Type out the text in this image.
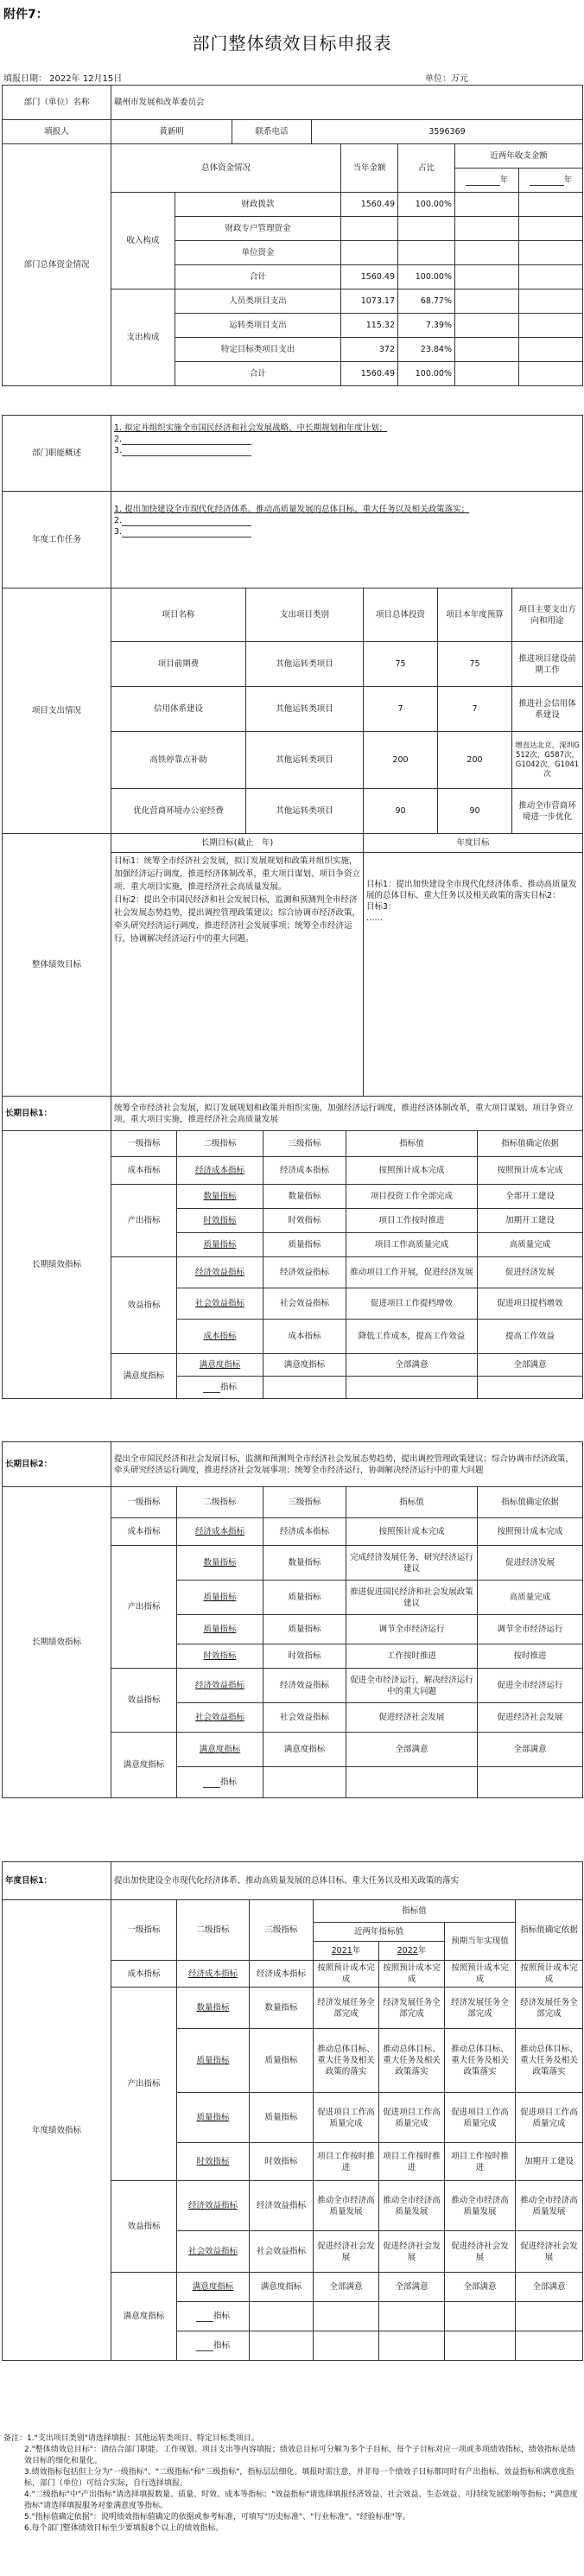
附件7：
部门整体绩效目标申报表
填报日期： 2022年 12月15日	单位：万元
部门（单位）名称	赣州市发展和改革委员会		
填报人	黄新明	联系电话	3596369
部门总体资金情况	总体资金情况		当年金额	占比	近两年收支金额	
					年	年
	收入构成	财政拨款	1560.49	100.00%		
		财政专户管理资金				
		单位资金				
		合计	1560.49	100.00%		
	支出构成	人员类项目支出	1073.17	68.77%		
		运转类项目支出	115.32	7.39%		
		特定目标类项目支出	372	23.84%		
		合计	1560.49	100.00%		
部门职能概述	1. 拟定并组织实施全市国民经济和社会发展战略、中长期规划和年度计划；
2.
3.

年度工作任务	1. 提出加快建设全市现代化经济体系、推动高质量发展的总体目标、重大任务以及相关政策落实；
2.
3.
项目支出情况	项目名称	支出项目类别	项目总体投资	项目本年度预算	项目主要支出方向和用途
	项目前期费	其他运转类项目	75	75	推进项目建设前期工作
	信用体系建设	其他运转类项目	7	7	推进社会信用体系建设
	高铁停靠点补助	其他运转类项目	200	200	增直达北京，深圳G512次，G587次，G1042次，G1041次
	优化营商环境办公室经费	其他运转类项目	90	90	推动全市营商环境进一步优化
整体绩效目标	长期目标(截止　年)	年度目标
	目标1：统筹全市经济社会发展，拟订发展规划和政策并组织实施，加强经济运行调度，推进经济体制改革，重大项目谋划、项目争资立项、重大项目实施，推进经济社会高质量发展。
目标2：提出全市国民经济和社会发展目标，监测和预测判全市经济社会发展态势趋势，提出调控管理政策建议；综合协调市经济政策，牵头研究经济运行调度，推进经济社会发展事项；统筹全市经济运行，协调解决经济运行中的重大问题。	目标1：提出加快建设全市现代化经济体系、推动高质量发展的总体目标、重大任务以及相关政策的落实目标2：
目标3：
……
长期目标1：	统筹全市经济社会发展，拟订发展规划和政策并组织实施，加强经济运行调度，推进经济体制改革，重大项目谋划、项目争资立项、重大项目实施，推进经济社会高质量发展				
长期绩效指标	一级指标	二级指标	三级指标	指标值	指标值确定依据
	成本指标	经济成本指标	经济成本指标	按照预计成本完成	按照预计成本完成
	产出指标	数量指标	数量指标	项目投资工作全部完成	全部开工建设
		时效指标	时效指标	项目工作按时推进	加期开工建设
		质量指标	质量指标	项目工作高质量完成	高质量完成
	效益指标	经济效益指标	经济效益指标	推动项目工作开展，促进经济发展	促进经济发展
		社会效益指标	社会效益指标	促进项目工作提档增效	促进项目提档增效
		成本指标	成本指标	降低工作成本，提高工作效益	提高工作效益
	满意度指标	满意度指标	满意度指标	全部满意	全部满意
		指标			
长期目标2：	提出全市国民经济和社会发展目标，监测和预测判全市经济社会发展态势趋势，提出调控管理政策建议；综合协调市经济政策，牵头研究经济运行调度，推进经济社会发展事项；统筹全市经济运行，协调解决经济运行中的重大问题				
长期绩效指标	一级指标	二级指标	三级指标	指标值	指标值确定依据
	成本指标	经济成本指标	经济成本指标	按照预计成本完成	按照预计成本完成
	产出指标	数量指标	数量指标	完成经济发展任务，研究经济运行建议	促进经济发展
		质量指标	质量指标	推进促进国民经济和社会发展政策建议	高质量完成
		质量指标	质量指标	调节全市经济运行	调节全市经济运行
		时效指标	时效指标	工作按时推进	按时推进
	效益指标	经济效益指标	经济效益指标	促进全市经济运行，解决经济运行中的重大问题	促进全市经济运行
		社会效益指标	社会效益指标	促进经济社会发展	促进经济社会发展
	满意度指标	满意度指标	满意度指标	全部满意	全部满意
		指标			
年度目标1：	提出加快建设全市现代化经济体系、推动高质量发展的总体目标、重大任务以及相关政策的落实						
年度绩效指标	一级指标	二级指标	三级指标	指标值			指标值确定依据
				近两年指标值		预期当年实现值	
				2021年	2022年		
	成本指标	经济成本指标	经济成本指标	按照预计成本完成	按照预计成本完成	按照预计成本完成	按照预计成本完成
	产出指标	数量指标	数量指标	经济发展任务全部完成	经济发展任务全部完成	经济发展任务全部完成	经济发展任务全部完成
		质量指标	质量指标	推动总体目标、重大任务及相关政策的落实	推动总体目标、重大任务及相关政策落实	推动总体目标、重大任务及相关政策落实	推动总体目标、重大任务及相关政策落实
		质量指标	质量指标	促进项目工作高质量完成	促进项目工作高质量完成	促进项目工作高质量完成	促进项目工作高质量完成
		时效指标	时效指标	项目工作按时推进	项目工作按时推进	项目工作按时推进	加期开工建设
	效益指标	经济效益指标	经济效益指标	推动全市经济高质量发展	推动全市经济高质量发展	推动全市经济高质量发展	推动全市经济高质量发展
		社会效益指标	社会效益指标	促进经济社会发展	促进经济社会发展	促进经济社会发展	促进经济社会发展
	满意度指标	满意度指标	满意度指标	全部满意	全部满意	全部满意	全部满意
		指标					
		指标					
备注：1."支出项目类别"请选择填报：其他运转类项目、特定目标类项目。
2."整体绩效总目标"：请结合部门职能、工作规划、项目支出等内容填报；绩效总目标可分解为多个子目标，每个子目标对应一项或多项绩效指标，绩效指标是绩效目标的细化和量化。
3.绩效指标包括但上分为"一级指标"、"二级指标"和"三级指标"，指标层层细化。填报时需注意，并非每一个绩效子目标都同时有产出指标、效益指标和满意度指标，部门（单位）可结合实际，自行选择填报。
4."二级指标"中"产出指标"请选择填报数量、质量、时效、成本等指标；"效益指标"请选择填报经济效益、社会效益、生态效益、可持续发展影响等指标；"满意度指标"请选择填报服务对象满意度等指标。
5."指标值确定依据"：说明绩效指标值确定的依据或参考标准，可填写"历史标准"、"行业标准"、"经验标准"等。
6.每个部门整体绩效目标至少要填报8个以上的绩效指标。
